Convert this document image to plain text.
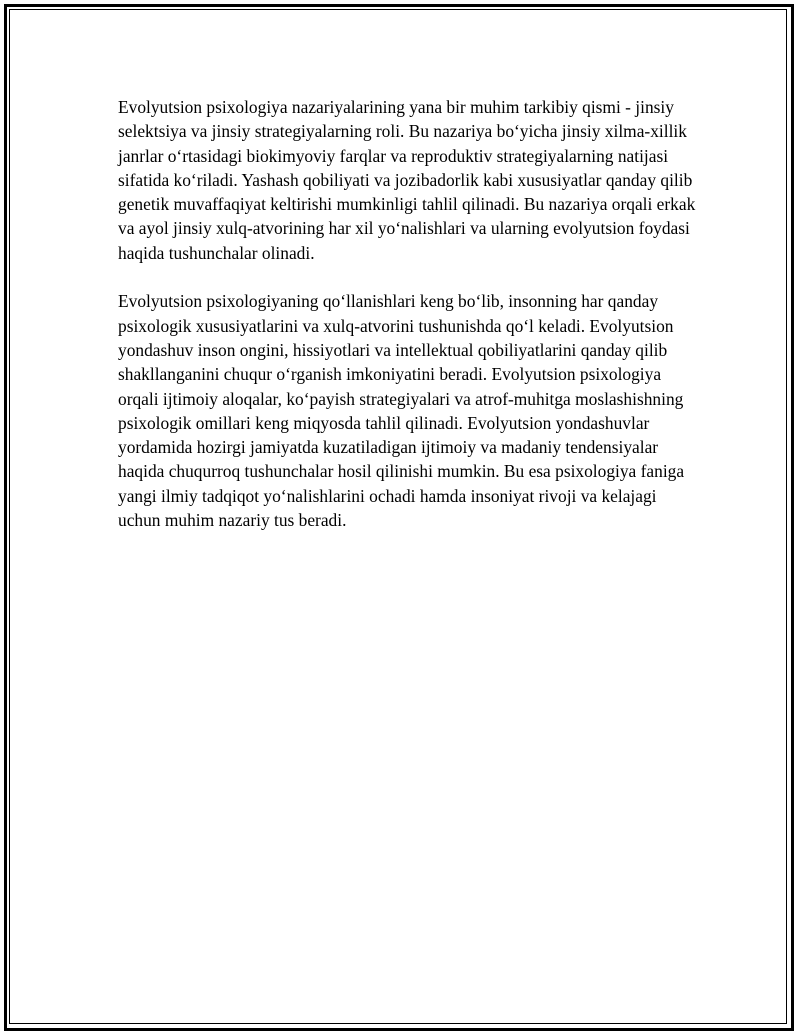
Evolyutsion psixologiya nazariyalarining yana bir muhim tarkibiy qismi - jinsiy selektsiya va jinsiy strategiyalarning roli. Bu nazariya bo‘yicha jinsiy xilma-xillik janrlar o‘rtasidagi biokimyoviy farqlar va reproduktiv strategiyalarning natijasi sifatida ko‘riladi. Yashash qobiliyati va jozibadorlik kabi xususiyatlar qanday qilib genetik muvaffaqiyat keltirishi mumkinligi tahlil qilinadi. Bu nazariya orqali erkak va ayol jinsiy xulq-atvorining har xil yo‘nalishlari va ularning evolyutsion foydasi haqida tushunchalar olinadi.

Evolyutsion psixologiyaning qo‘llanishlari keng bo‘lib, insonning har qanday psixologik xususiyatlarini va xulq-atvorini tushunishda qo‘l keladi. Evolyutsion yondashuv inson ongini, hissiyotlari va intellektual qobiliyatlarini qanday qilib shakllanganini chuqur o‘rganish imkoniyatini beradi. Evolyutsion psixologiya orqali ijtimoiy aloqalar, ko‘payish strategiyalari va atrof-muhitga moslashishning psixologik omillari keng miqyosda tahlil qilinadi. Evolyutsion yondashuvlar yordamida hozirgi jamiyatda kuzatiladigan ijtimoiy va madaniy tendensiyalar haqida chuqurroq tushunchalar hosil qilinishi mumkin. Bu esa psixologiya faniga yangi ilmiy tadqiqot yo‘nalishlarini ochadi hamda insoniyat rivoji va kelajagi uchun muhim nazariy tus beradi.
